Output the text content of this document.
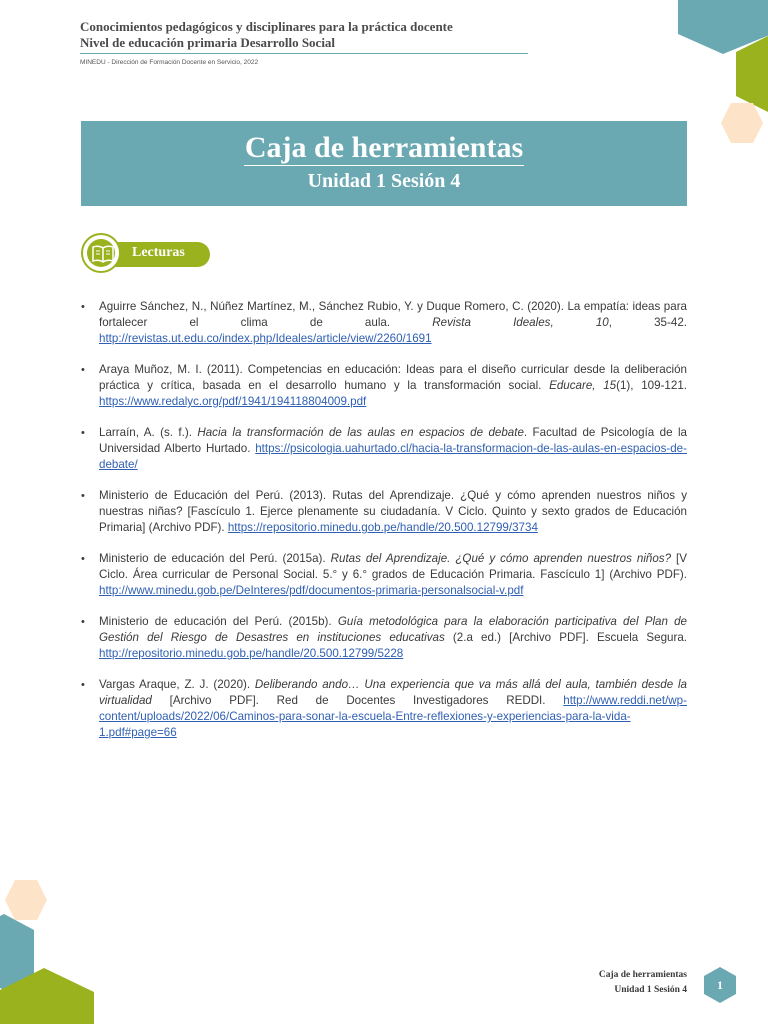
Conocimientos pedagógicos y disciplinares para la práctica docente
Nivel de educación primaria Desarrollo Social
MINEDU - Dirección de Formación Docente en Servicio, 2022
Caja de herramientas
Unidad 1 Sesión 4
Lecturas
• Aguirre Sánchez, N., Núñez Martínez, M., Sánchez Rubio, Y. y Duque Romero, C. (2020). La empatía: ideas para fortalecer el clima de aula. Revista Ideales, 10, 35-42. http://revistas.ut.edu.co/index.php/Ideales/article/view/2260/1691
• Araya Muñoz, M. I. (2011). Competencias en educación: Ideas para el diseño curricular desde la deliberación práctica y crítica, basada en el desarrollo humano y la transformación social. Educare, 15(1), 109-121. https://www.redalyc.org/pdf/1941/194118804009.pdf
• Larraín, A. (s. f.). Hacia la transformación de las aulas en espacios de debate. Facultad de Psicología de la Universidad Alberto Hurtado. https://psicologia.uahurtado.cl/hacia-la-transformacion-de-las-aulas-en-espacios-de-debate/
• Ministerio de Educación del Perú. (2013). Rutas del Aprendizaje. ¿Qué y cómo aprenden nuestros niños y nuestras niñas? [Fascículo 1. Ejerce plenamente su ciudadanía. V Ciclo. Quinto y sexto grados de Educación Primaria] (Archivo PDF). https://repositorio.minedu.gob.pe/handle/20.500.12799/3734
• Ministerio de educación del Perú. (2015a). Rutas del Aprendizaje. ¿Qué y cómo aprenden nuestros niños? [V Ciclo. Área curricular de Personal Social. 5.° y 6.° grados de Educación Primaria. Fascículo 1] (Archivo PDF). http://www.minedu.gob.pe/DeInteres/pdf/documentos-primaria-personalsocial-v.pdf
• Ministerio de educación del Perú. (2015b). Guía metodológica para la elaboración participativa del Plan de Gestión del Riesgo de Desastres en instituciones educativas (2.a ed.) [Archivo PDF]. Escuela Segura. http://repositorio.minedu.gob.pe/handle/20.500.12799/5228
• Vargas Araque, Z. J. (2020). Deliberando ando… Una experiencia que va más allá del aula, también desde la virtualidad [Archivo PDF]. Red de Docentes Investigadores REDDI. http://www.reddi.net/wp-content/uploads/2022/06/Caminos-para-sonar-la-escuela-Entre-reflexiones-y-experiencias-para-la-vida-1.pdf#page=66
Caja de herramientas
Unidad 1 Sesión 4	1
